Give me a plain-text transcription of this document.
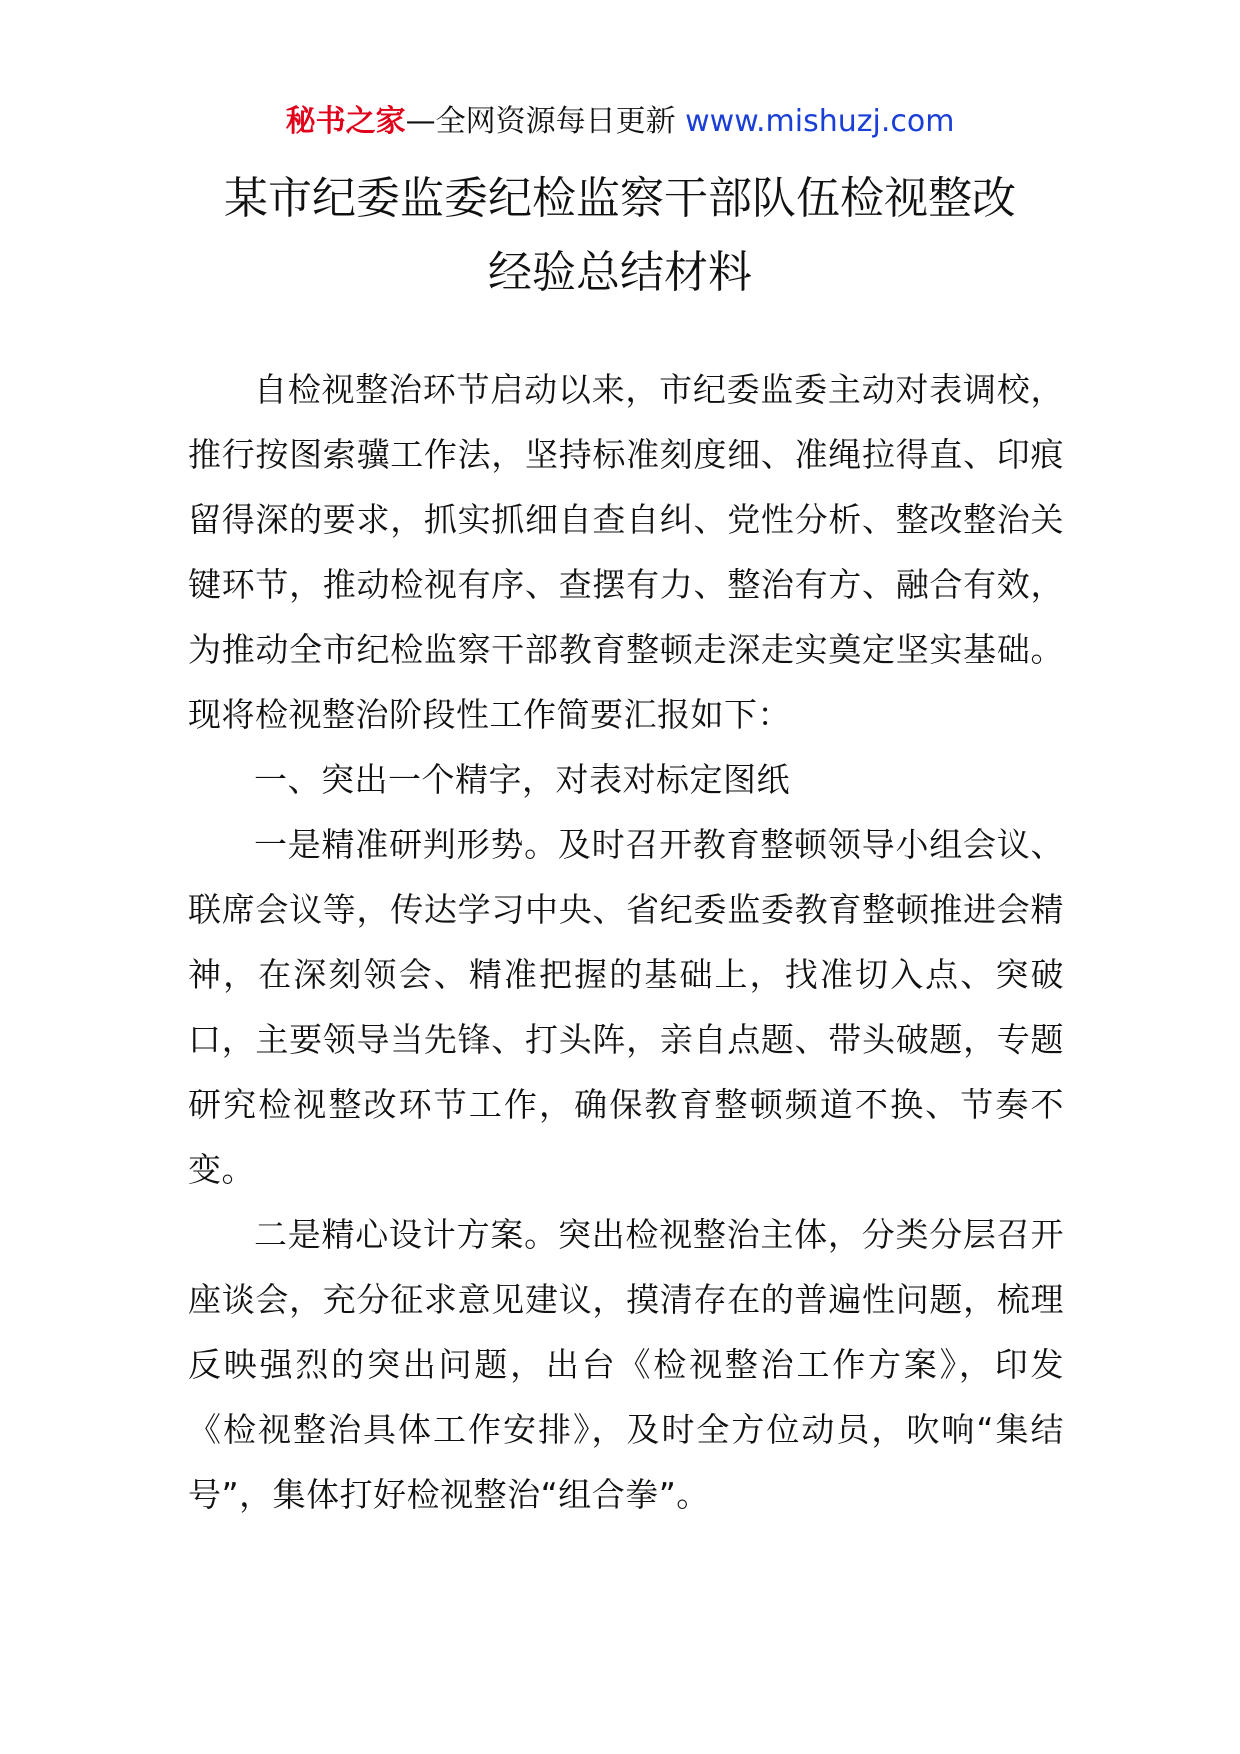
秘书之家—全网资源每日更新 www.mishuzj.com
某市纪委监委纪检监察干部队伍检视整改
经验总结材料

自检视整治环节启动以来，市纪委监委主动对表调校，推行按图索骥工作法，坚持标准刻度细、准绳拉得直、印痕留得深的要求，抓实抓细自查自纠、党性分析、整改整治关键环节，推动检视有序、查摆有力、整治有方、融合有效，为推动全市纪检监察干部教育整顿走深走实奠定坚实基础。现将检视整治阶段性工作简要汇报如下：

一、突出一个精字，对表对标定图纸

一是精准研判形势。及时召开教育整顿领导小组会议、联席会议等，传达学习中央、省纪委监委教育整顿推进会精神，在深刻领会、精准把握的基础上，找准切入点、突破口，主要领导当先锋、打头阵，亲自点题、带头破题，专题研究检视整改环节工作，确保教育整顿频道不换、节奏不变。

二是精心设计方案。突出检视整治主体，分类分层召开座谈会，充分征求意见建议，摸清存在的普遍性问题，梳理反映强烈的突出问题，出台《检视整治工作方案》，印发《检视整治具体工作安排》，及时全方位动员，吹响“集结号”，集体打好检视整治“组合拳”。
